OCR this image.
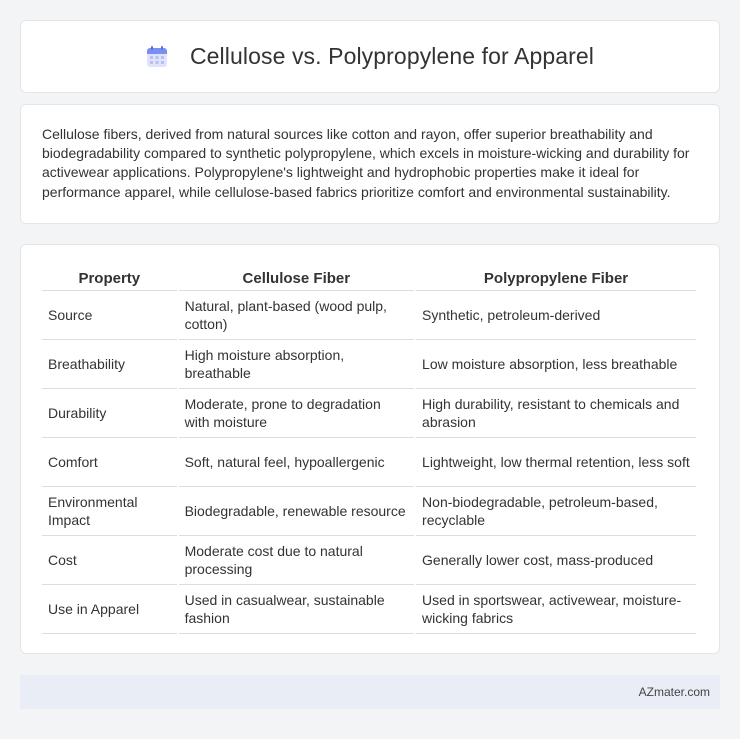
Cellulose vs. Polypropylene for Apparel

Cellulose fibers, derived from natural sources like cotton and rayon, offer superior breathability and biodegradability compared to synthetic polypropylene, which excels in moisture-wicking and durability for activewear applications. Polypropylene's lightweight and hydrophobic properties make it ideal for performance apparel, while cellulose-based fabrics prioritize comfort and environmental sustainability.

Property	Cellulose Fiber	Polypropylene Fiber
Source	Natural, plant-based (wood pulp, cotton)	Synthetic, petroleum-derived
Breathability	High moisture absorption, breathable	Low moisture absorption, less breathable
Durability	Moderate, prone to degradation with moisture	High durability, resistant to chemicals and abrasion
Comfort	Soft, natural feel, hypoallergenic	Lightweight, low thermal retention, less soft
Environmental Impact	Biodegradable, renewable resource	Non-biodegradable, petroleum-based, recyclable
Cost	Moderate cost due to natural processing	Generally lower cost, mass-produced
Use in Apparel	Used in casualwear, sustainable fashion	Used in sportswear, activewear, moisture-wicking fabrics
AZmater.com
